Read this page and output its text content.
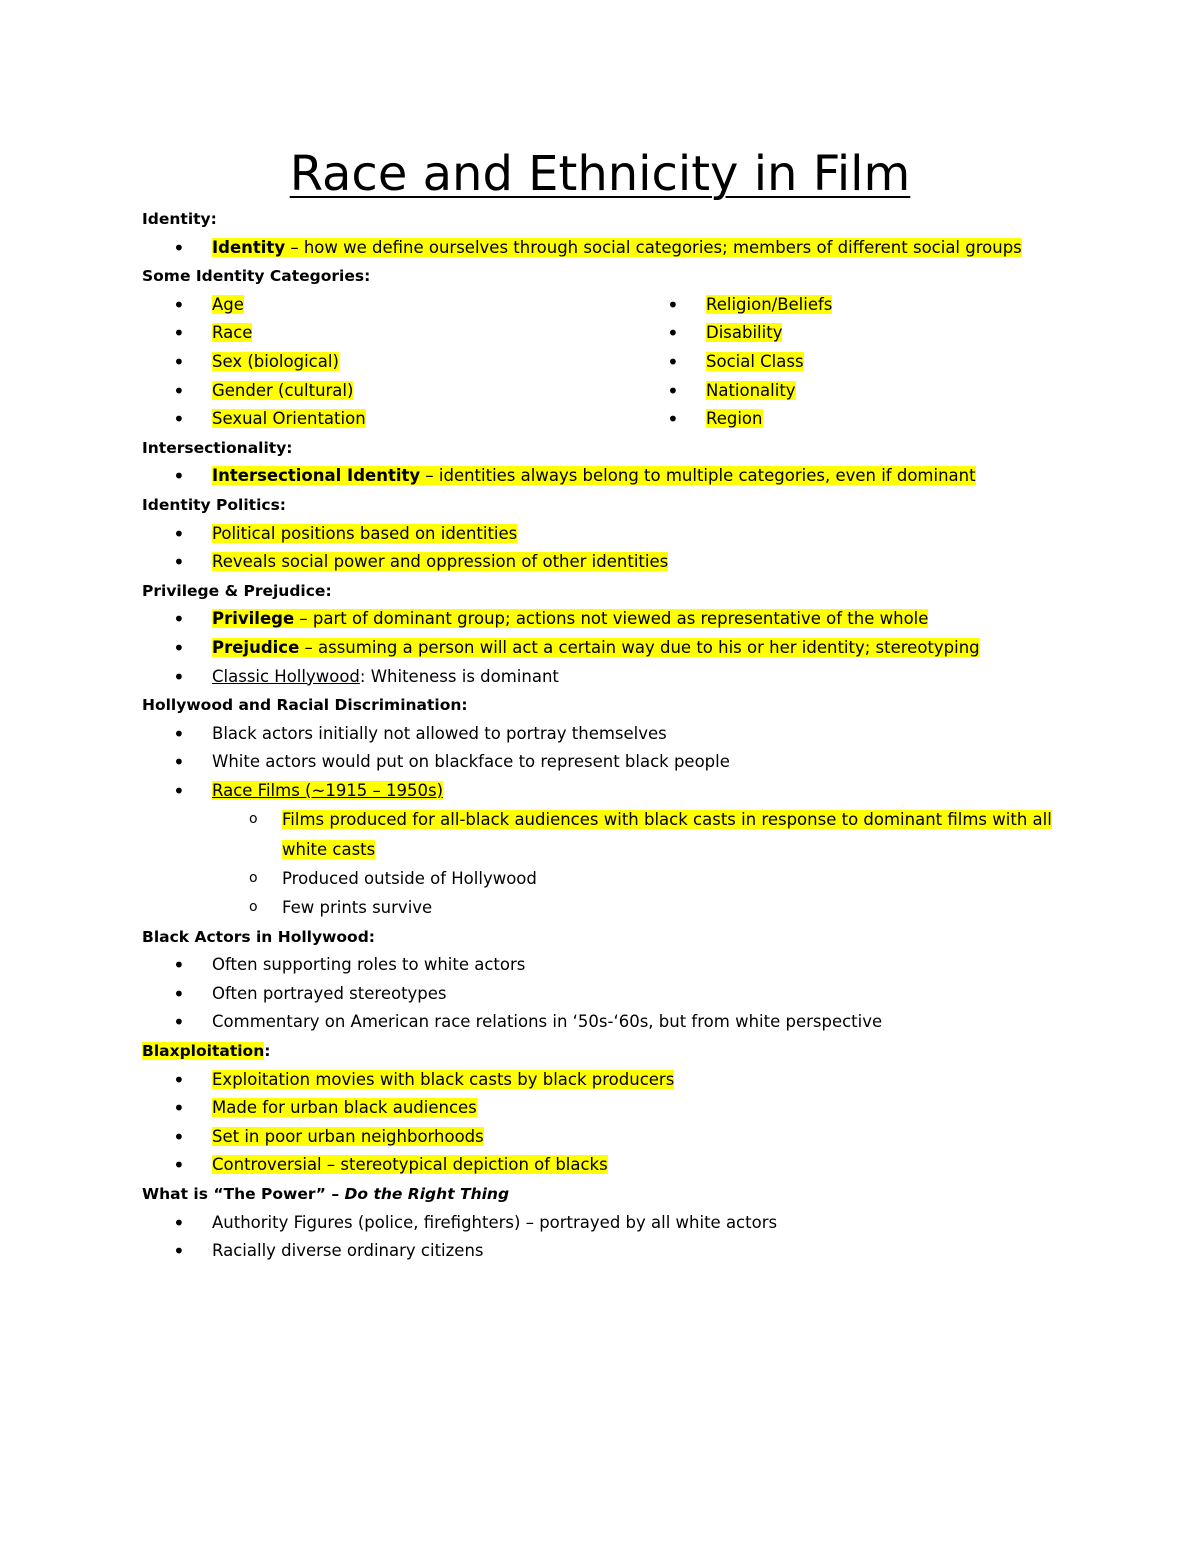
Race and Ethnicity in Film
Identity:
• Identity – how we define ourselves through social categories; members of different social groups
Some Identity Categories:
• Age
• Race
• Sex (biological)
• Gender (cultural)
• Sexual Orientation
• Religion/Beliefs
• Disability
• Social Class
• Nationality
• Region
Intersectionality:
• Intersectional Identity – identities always belong to multiple categories, even if dominant
Identity Politics:
• Political positions based on identities
• Reveals social power and oppression of other identities
Privilege & Prejudice:
• Privilege – part of dominant group; actions not viewed as representative of the whole
• Prejudice – assuming a person will act a certain way due to his or her identity; stereotyping
• Classic Hollywood: Whiteness is dominant
Hollywood and Racial Discrimination:
• Black actors initially not allowed to portray themselves
• White actors would put on blackface to represent black people
• Race Films (~1915 – 1950s)
o Films produced for all-black audiences with black casts in response to dominant films with all white casts
o Produced outside of Hollywood
o Few prints survive
Black Actors in Hollywood:
• Often supporting roles to white actors
• Often portrayed stereotypes
• Commentary on American race relations in ‘50s-‘60s, but from white perspective
Blaxploitation:
• Exploitation movies with black casts by black producers
• Made for urban black audiences
• Set in poor urban neighborhoods
• Controversial – stereotypical depiction of blacks
What is “The Power” – Do the Right Thing
• Authority Figures (police, firefighters) – portrayed by all white actors
• Racially diverse ordinary citizens
